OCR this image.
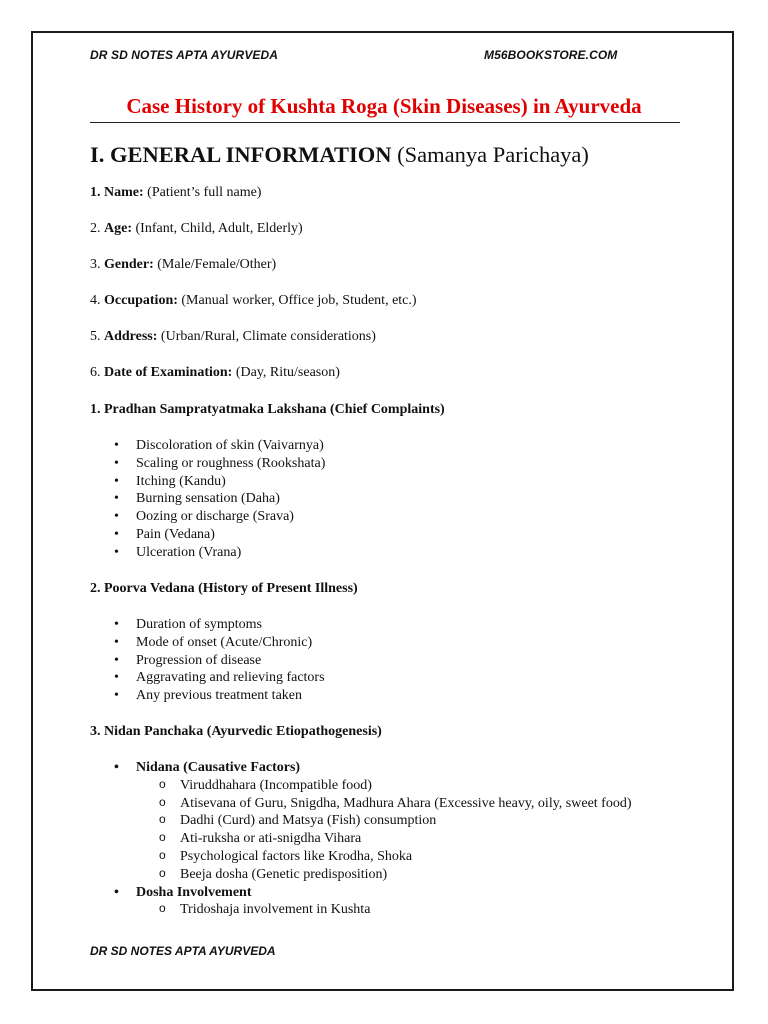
DR SD NOTES APTA AYURVEDA	M56BOOKSTORE.COM
Case History of Kushta Roga (Skin Diseases) in Ayurveda
I. GENERAL INFORMATION (Samanya Parichaya)
1. Name: (Patient’s full name)
2. Age: (Infant, Child, Adult, Elderly)
3. Gender: (Male/Female/Other)
4. Occupation: (Manual worker, Office job, Student, etc.)
5. Address: (Urban/Rural, Climate considerations)
6. Date of Examination: (Day, Ritu/season)
1. Pradhan Sampratyatmaka Lakshana (Chief Complaints)
• Discoloration of skin (Vaivarnya)
• Scaling or roughness (Rookshata)
• Itching (Kandu)
• Burning sensation (Daha)
• Oozing or discharge (Srava)
• Pain (Vedana)
• Ulceration (Vrana)
2. Poorva Vedana (History of Present Illness)
• Duration of symptoms
• Mode of onset (Acute/Chronic)
• Progression of disease
• Aggravating and relieving factors
• Any previous treatment taken
3. Nidan Panchaka (Ayurvedic Etiopathogenesis)
• Nidana (Causative Factors)
o Viruddhahara (Incompatible food)
o Atisevana of Guru, Snigdha, Madhura Ahara (Excessive heavy, oily, sweet food)
o Dadhi (Curd) and Matsya (Fish) consumption
o Ati-ruksha or ati-snigdha Vihara
o Psychological factors like Krodha, Shoka
o Beeja dosha (Genetic predisposition)
• Dosha Involvement
o Tridoshaja involvement in Kushta
DR SD NOTES APTA AYURVEDA
